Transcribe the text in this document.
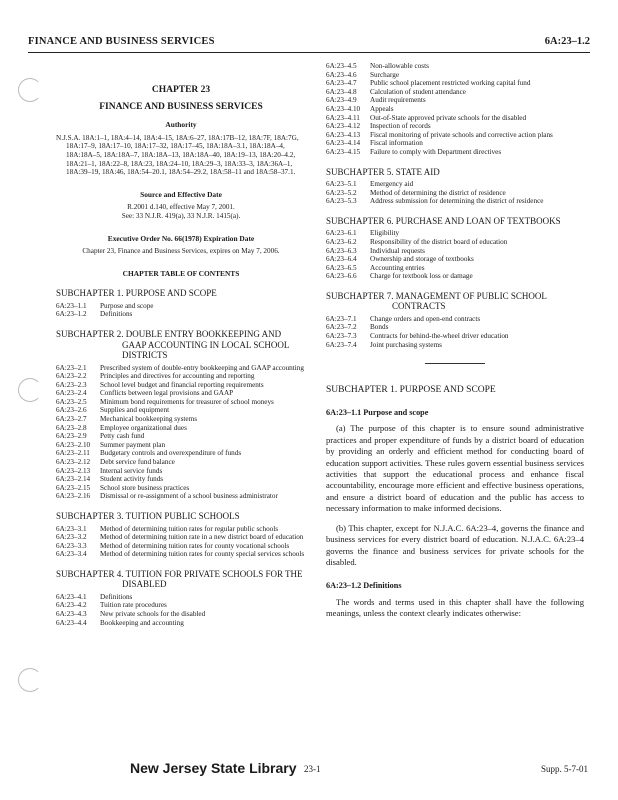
FINANCE AND BUSINESS SERVICES	6A:23–1.2
CHAPTER 23
FINANCE AND BUSINESS SERVICES
Authority
N.J.S.A. 18A:1–1, 18A:4–14, 18A:4–15, 18A:6–27, 18A:17B–12, 18A:7F, 18A:7G, 18A:17–9, 18A:17–10, 18A:17–32, 18A:17–45, 18A:18A–3.1, 18A:18A–4, 18A:18A–5, 18A:18A–7, 18A:18A–13, 18A:18A–40, 18A:19–13, 18A:20–4.2, 18A:21–1, 18A:22–8, 18A:23, 18A:24–10, 18A:29–3, 18A:33–3, 18A:36A–1, 18A:39–19, 18A:46, 18A:54–20.1, 18A:54–29.2, 18A:58–11 and 18A:58–37.1.
Source and Effective Date
R.2001 d.140, effective May 7, 2001.
See: 33 N.J.R. 419(a), 33 N.J.R. 1415(a).
Executive Order No. 66(1978) Expiration Date
Chapter 23, Finance and Business Services, expires on May 7, 2006.
CHAPTER TABLE OF CONTENTS
SUBCHAPTER 1. PURPOSE AND SCOPE
6A:23–1.1	Purpose and scope
6A:23–1.2	Definitions
SUBCHAPTER 2. DOUBLE ENTRY BOOKKEEPING AND GAAP ACCOUNTING IN LOCAL SCHOOL DISTRICTS
6A:23–2.1	Prescribed system of double-entry bookkeeping and GAAP accounting
6A:23–2.2	Principles and directives for accounting and reporting
6A:23–2.3	School level budget and financial reporting requirements
6A:23–2.4	Conflicts between legal provisions and GAAP
6A:23–2.5	Minimum bond requirements for treasurer of school moneys
6A:23–2.6	Supplies and equipment
6A:23–2.7	Mechanical bookkeeping systems
6A:23–2.8	Employee organizational dues
6A:23–2.9	Petty cash fund
6A:23–2.10	Summer payment plan
6A:23–2.11	Budgetary controls and overexpenditure of funds
6A:23–2.12	Debt service fund balance
6A:23–2.13	Internal service funds
6A:23–2.14	Student activity funds
6A:23–2.15	School store business practices
6A:23–2.16	Dismissal or re-assignment of a school business administrator
SUBCHAPTER 3. TUITION PUBLIC SCHOOLS
6A:23–3.1	Method of determining tuition rates for regular public schools
6A:23–3.2	Method of determining tuition rate in a new district board of education
6A:23–3.3	Method of determining tuition rates for county vocational schools
6A:23–3.4	Method of determining tuition rates for county special services schools
SUBCHAPTER 4. TUITION FOR PRIVATE SCHOOLS FOR THE DISABLED
6A:23–4.1	Definitions
6A:23–4.2	Tuition rate procedures
6A:23–4.3	New private schools for the disabled
6A:23–4.4	Bookkeeping and accounting
6A:23–4.5	Non-allowable costs
6A:23–4.6	Surcharge
6A:23–4.7	Public school placement restricted working capital fund
6A:23–4.8	Calculation of student attendance
6A:23–4.9	Audit requirements
6A:23–4.10	Appeals
6A:23–4.11	Out-of-State approved private schools for the disabled
6A:23–4.12	Inspection of records
6A:23–4.13	Fiscal monitoring of private schools and corrective action plans
6A:23–4.14	Fiscal information
6A:23–4.15	Failure to comply with Department directives
SUBCHAPTER 5. STATE AID
6A:23–5.1	Emergency aid
6A:23–5.2	Method of determining the district of residence
6A:23–5.3	Address submission for determining the district of residence
SUBCHAPTER 6. PURCHASE AND LOAN OF TEXTBOOKS
6A:23–6.1	Eligibility
6A:23–6.2	Responsibility of the district board of education
6A:23–6.3	Individual requests
6A:23–6.4	Ownership and storage of textbooks
6A:23–6.5	Accounting entries
6A:23–6.6	Charge for textbook loss or damage
SUBCHAPTER 7. MANAGEMENT OF PUBLIC SCHOOL CONTRACTS
6A:23–7.1	Change orders and open-end contracts
6A:23–7.2	Bonds
6A:23–7.3	Contracts for behind-the-wheel driver education
6A:23–7.4	Joint purchasing systems
SUBCHAPTER 1. PURPOSE AND SCOPE
6A:23–1.1 Purpose and scope
(a) The purpose of this chapter is to ensure sound administrative practices and proper expenditure of funds by a district board of education by providing an orderly and efficient method for conducting board of education support activities. These rules govern essential business services activities that support the educational process and enhance fiscal accountability, encourage more efficient and effective business operations, and ensure a district board of education and the public has access to necessary information to make informed decisions.
(b) This chapter, except for N.J.A.C. 6A:23–4, governs the finance and business services for every district board of education. N.J.A.C. 6A:23–4 governs the finance and business services for private schools for the disabled.
6A:23–1.2 Definitions
The words and terms used in this chapter shall have the following meanings, unless the context clearly indicates otherwise:
New Jersey State Library 23-1	Supp. 5-7-01
